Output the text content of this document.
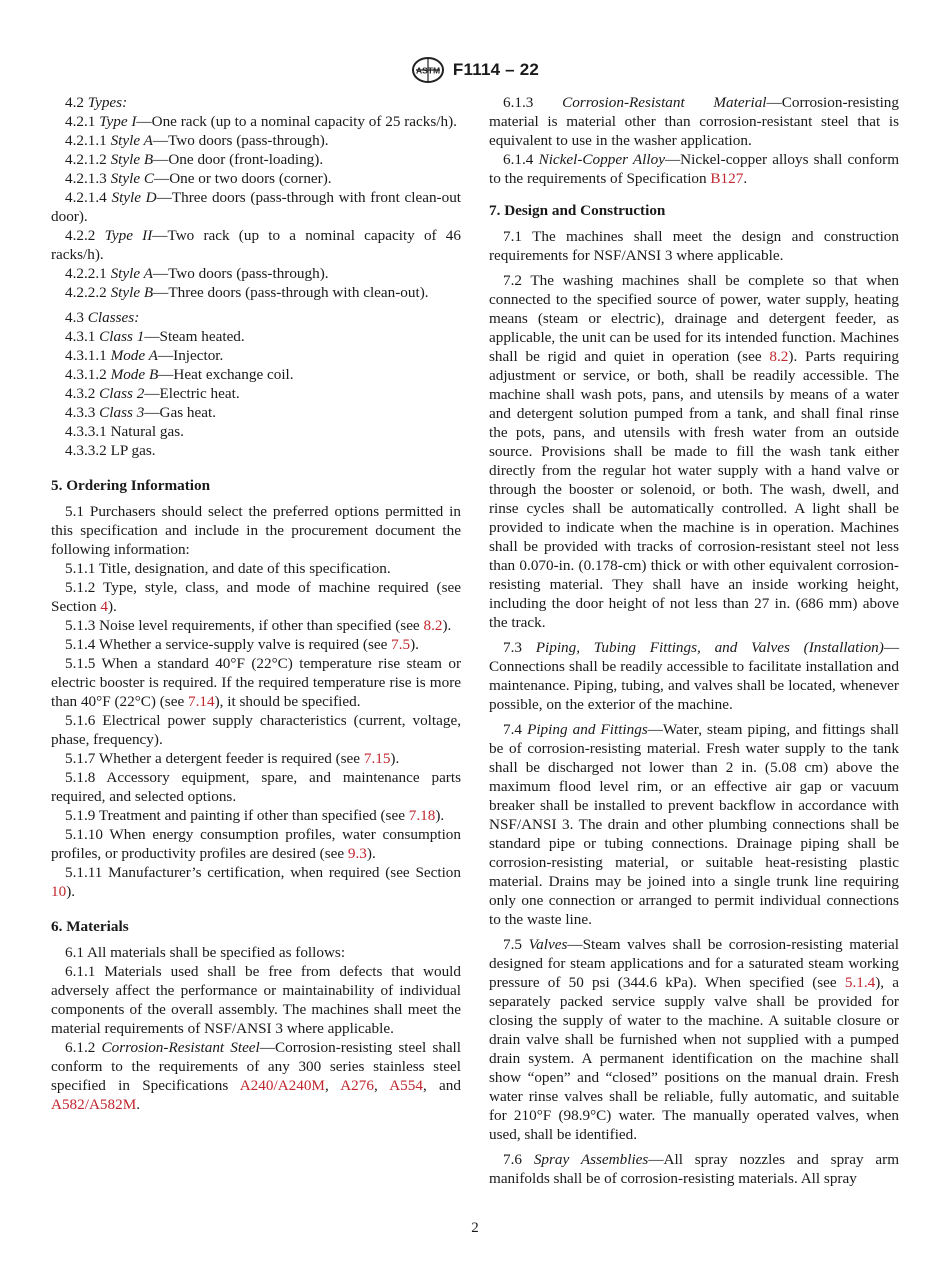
ASTM F1114 – 22

4.2 Types:

4.2.1 Type I—One rack (up to a nominal capacity of 25 racks/h).

4.2.1.1 Style A—Two doors (pass-through).

4.2.1.2 Style B—One door (front-loading).

4.2.1.3 Style C—One or two doors (corner).

4.2.1.4 Style D—Three doors (pass-through with front clean-out door).

4.2.2 Type II—Two rack (up to a nominal capacity of 46 racks/h).

4.2.2.1 Style A—Two doors (pass-through).

4.2.2.2 Style B—Three doors (pass-through with clean-out).

4.3 Classes:

4.3.1 Class 1—Steam heated.

4.3.1.1 Mode A—Injector.

4.3.1.2 Mode B—Heat exchange coil.

4.3.2 Class 2—Electric heat.

4.3.3 Class 3—Gas heat.

4.3.3.1 Natural gas.

4.3.3.2 LP gas.

5. Ordering Information

5.1 Purchasers should select the preferred options permitted in this specification and include in the procurement document the following information:

5.1.1 Title, designation, and date of this specification.

5.1.2 Type, style, class, and mode of machine required (see Section 4).

5.1.3 Noise level requirements, if other than specified (see 8.2).

5.1.4 Whether a service-supply valve is required (see 7.5).

5.1.5 When a standard 40°F (22°C) temperature rise steam or electric booster is required. If the required temperature rise is more than 40°F (22°C) (see 7.14), it should be specified.

5.1.6 Electrical power supply characteristics (current, voltage, phase, frequency).

5.1.7 Whether a detergent feeder is required (see 7.15).

5.1.8 Accessory equipment, spare, and maintenance parts required, and selected options.

5.1.9 Treatment and painting if other than specified (see 7.18).

5.1.10 When energy consumption profiles, water consumption profiles, or productivity profiles are desired (see 9.3).

5.1.11 Manufacturer’s certification, when required (see Section 10).

6. Materials

6.1 All materials shall be specified as follows:

6.1.1 Materials used shall be free from defects that would adversely affect the performance or maintainability of individual components of the overall assembly. The machines shall meet the material requirements of NSF/ANSI 3 where applicable.

6.1.2 Corrosion-Resistant Steel—Corrosion-resisting steel shall conform to the requirements of any 300 series stainless steel specified in Specifications A240/A240M, A276, A554, and A582/A582M.

6.1.3 Corrosion-Resistant Material—Corrosion-resisting material is material other than corrosion-resistant steel that is equivalent to use in the washer application.

6.1.4 Nickel-Copper Alloy—Nickel-copper alloys shall conform to the requirements of Specification B127.

7. Design and Construction

7.1 The machines shall meet the design and construction requirements for NSF/ANSI 3 where applicable.

7.2 The washing machines shall be complete so that when connected to the specified source of power, water supply, heating means (steam or electric), drainage and detergent feeder, as applicable, the unit can be used for its intended function. Machines shall be rigid and quiet in operation (see 8.2). Parts requiring adjustment or service, or both, shall be readily accessible. The machine shall wash pots, pans, and utensils by means of a water and detergent solution pumped from a tank, and shall final rinse the pots, pans, and utensils with fresh water from an outside source. Provisions shall be made to fill the wash tank either directly from the regular hot water supply with a hand valve or through the booster or solenoid, or both. The wash, dwell, and rinse cycles shall be automatically controlled. A light shall be provided to indicate when the machine is in operation. Machines shall be provided with tracks of corrosion-resistant steel not less than 0.070-in. (0.178-cm) thick or with other equivalent corrosion-resisting material. They shall have an inside working height, including the door height of not less than 27 in. (686 mm) above the track.

7.3 Piping, Tubing Fittings, and Valves (Installation)—Connections shall be readily accessible to facilitate installation and maintenance. Piping, tubing, and valves shall be located, whenever possible, on the exterior of the machine.

7.4 Piping and Fittings—Water, steam piping, and fittings shall be of corrosion-resisting material. Fresh water supply to the tank shall be discharged not lower than 2 in. (5.08 cm) above the maximum flood level rim, or an effective air gap or vacuum breaker shall be installed to prevent backflow in accordance with NSF/ANSI 3. The drain and other plumbing connections shall be standard pipe or tubing connections. Drainage piping shall be corrosion-resisting material, or suitable heat-resisting plastic material. Drains may be joined into a single trunk line requiring only one connection or arranged to permit individual connections to the waste line.

7.5 Valves—Steam valves shall be corrosion-resisting material designed for steam applications and for a saturated steam working pressure of 50 psi (344.6 kPa). When specified (see 5.1.4), a separately packed service supply valve shall be provided for closing the supply of water to the machine. A suitable closure or drain valve shall be furnished when not supplied with a pumped drain system. A permanent identification on the machine shall show “open” and “closed” positions on the manual drain. Fresh water rinse valves shall be reliable, fully automatic, and suitable for 210°F (98.9°C) water. The manually operated valves, when used, shall be identified.

7.6 Spray Assemblies—All spray nozzles and spray arm manifolds shall be of corrosion-resisting materials. All spray

2
